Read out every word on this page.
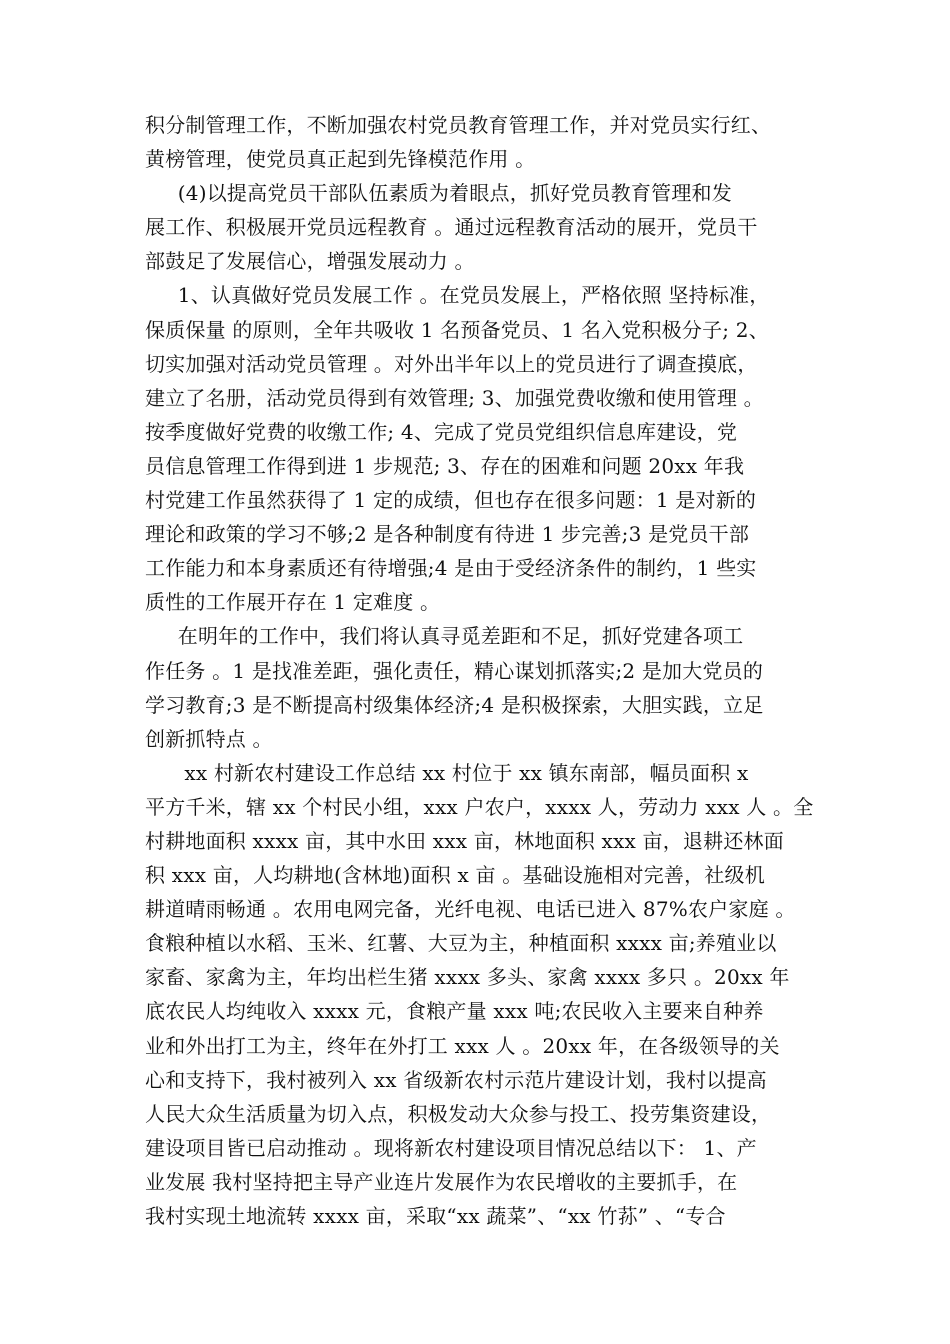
积分制管理工作，不断加强农村党员教育管理工作，并对党员实行红、
黄榜管理，使党员真正起到先锋模范作用 。
(4)以提高党员干部队伍素质为着眼点，抓好党员教育管理和发
展工作、积极展开党员远程教育 。通过远程教育活动的展开，党员干
部鼓足了发展信心，增强发展动力 。
1、认真做好党员发展工作 。在党员发展上，严格依照 坚持标准，
保质保量 的原则，全年共吸收 1 名预备党员、1 名入党积极分子; 2、
切实加强对活动党员管理 。对外出半年以上的党员进行了调查摸底，
建立了名册，活动党员得到有效管理; 3、加强党费收缴和使用管理 。
按季度做好党费的收缴工作; 4、完成了党员党组织信息库建设，党
员信息管理工作得到进 1 步规范; 3、存在的困难和问题 20xx 年我
村党建工作虽然获得了 1 定的成绩，但也存在很多问题：1 是对新的
理论和政策的学习不够;2 是各种制度有待进 1 步完善;3 是党员干部
工作能力和本身素质还有待增强;4 是由于受经济条件的制约，1 些实
质性的工作展开存在 1 定难度 。
在明年的工作中，我们将认真寻觅差距和不足，抓好党建各项工
作任务 。1 是找准差距，强化责任，精心谋划抓落实;2 是加大党员的
学习教育;3 是不断提高村级集体经济;4 是积极探索，大胆实践，立足
创新抓特点 。
xx 村新农村建设工作总结 xx 村位于 xx 镇东南部，幅员面积 x
平方千米，辖 xx 个村民小组，xxx 户农户，xxxx 人，劳动力 xxx 人 。全
村耕地面积 xxxx 亩，其中水田 xxx 亩，林地面积 xxx 亩，退耕还林面
积 xxx 亩，人均耕地(含林地)面积 x 亩 。基础设施相对完善，社级机
耕道晴雨畅通 。农用电网完备，光纤电视、电话已进入 87%农户家庭 。
食粮种植以水稻、玉米、红薯、大豆为主，种植面积 xxxx 亩;养殖业以
家畜、家禽为主，年均出栏生猪 xxxx 多头、家禽 xxxx 多只 。20xx 年
底农民人均纯收入 xxxx 元，食粮产量 xxx 吨;农民收入主要来自种养
业和外出打工为主，终年在外打工 xxx 人 。20xx 年，在各级领导的关
心和支持下，我村被列入 xx 省级新农村示范片建设计划，我村以提高
人民大众生活质量为切入点，积极发动大众参与投工、投劳集资建设，
建设项目皆已启动推动 。现将新农村建设项目情况总结以下： 1、产
业发展 我村坚持把主导产业连片发展作为农民增收的主要抓手，在
我村实现土地流转 xxxx 亩，采取“xx 蔬菜”、“xx 竹荪” 、“专合
